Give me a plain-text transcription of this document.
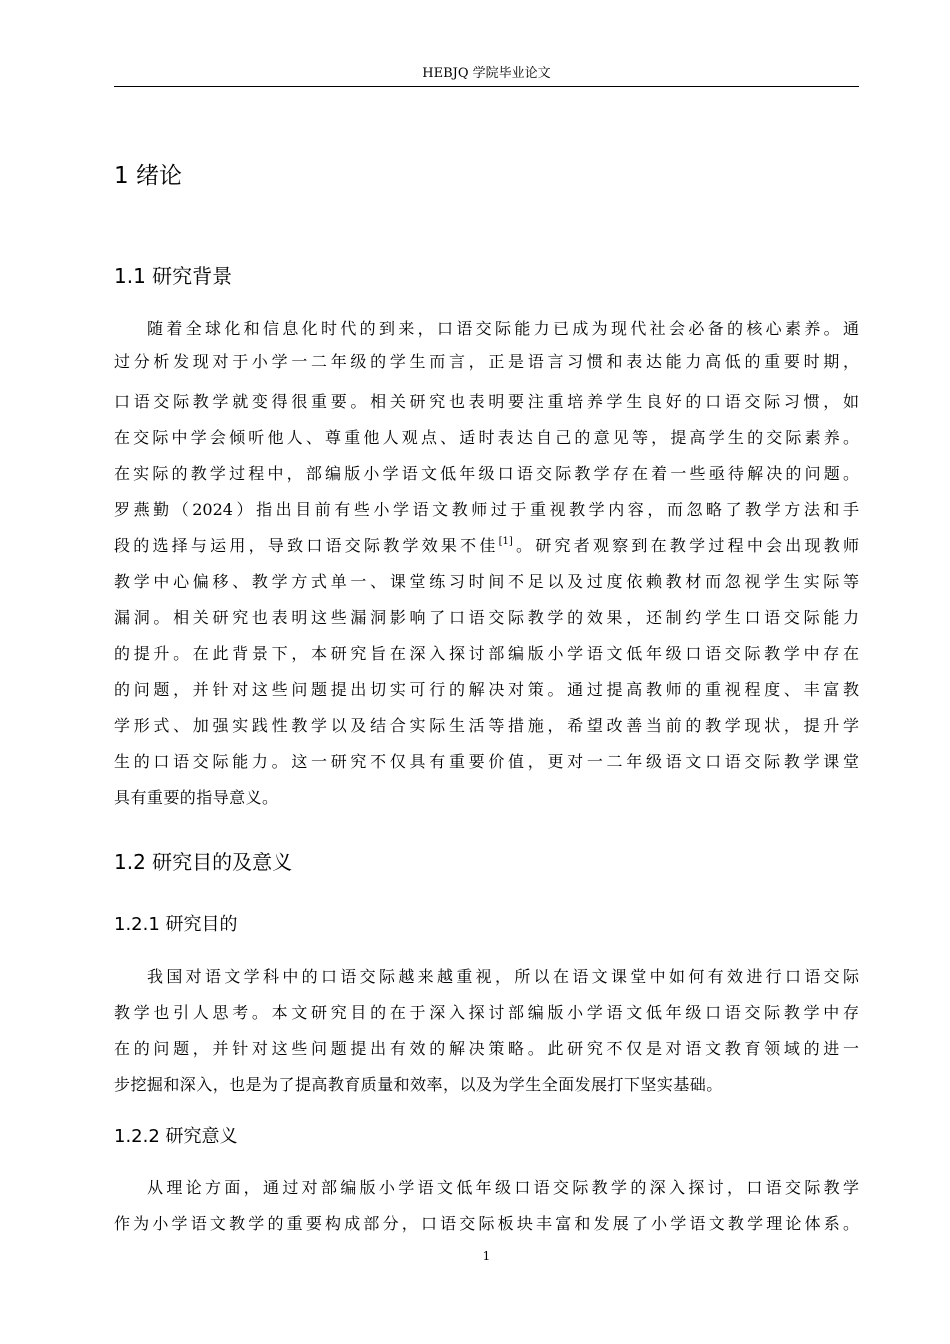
HEBJQ 学院毕业论文
1 绪论
1.1 研究背景
随着全球化和信息化时代的到来，口语交际能力已成为现代社会必备的核心素养。通
过分析发现对于小学一二年级的学生而言，正是语言习惯和表达能力高低的重要时期，
口语交际教学就变得很重要。相关研究也表明要注重培养学生良好的口语交际习惯，如
在交际中学会倾听他人、尊重他人观点、适时表达自己的意见等，提高学生的交际素养。
在实际的教学过程中，部编版小学语文低年级口语交际教学存在着一些亟待解决的问题。
罗燕勤（2024）指出目前有些小学语文教师过于重视教学内容，而忽略了教学方法和手
段的选择与运用，导致口语交际教学效果不佳[1]。研究者观察到在教学过程中会出现教师
教学中心偏移、教学方式单一、课堂练习时间不足以及过度依赖教材而忽视学生实际等
漏洞。相关研究也表明这些漏洞影响了口语交际教学的效果，还制约学生口语交际能力
的提升。在此背景下，本研究旨在深入探讨部编版小学语文低年级口语交际教学中存在
的问题，并针对这些问题提出切实可行的解决对策。通过提高教师的重视程度、丰富教
学形式、加强实践性教学以及结合实际生活等措施，希望改善当前的教学现状，提升学
生的口语交际能力。这一研究不仅具有重要价值，更对一二年级语文口语交际教学课堂
具有重要的指导意义。
1.2 研究目的及意义
1.2.1 研究目的
我国对语文学科中的口语交际越来越重视，所以在语文课堂中如何有效进行口语交际
教学也引人思考。本文研究目的在于深入探讨部编版小学语文低年级口语交际教学中存
在的问题，并针对这些问题提出有效的解决策略。此研究不仅是对语文教育领域的进一
步挖掘和深入，也是为了提高教育质量和效率，以及为学生全面发展打下坚实基础。
1.2.2 研究意义
从理论方面，通过对部编版小学语文低年级口语交际教学的深入探讨，口语交际教学
作为小学语文教学的重要构成部分，口语交际板块丰富和发展了小学语文教学理论体系。
1
